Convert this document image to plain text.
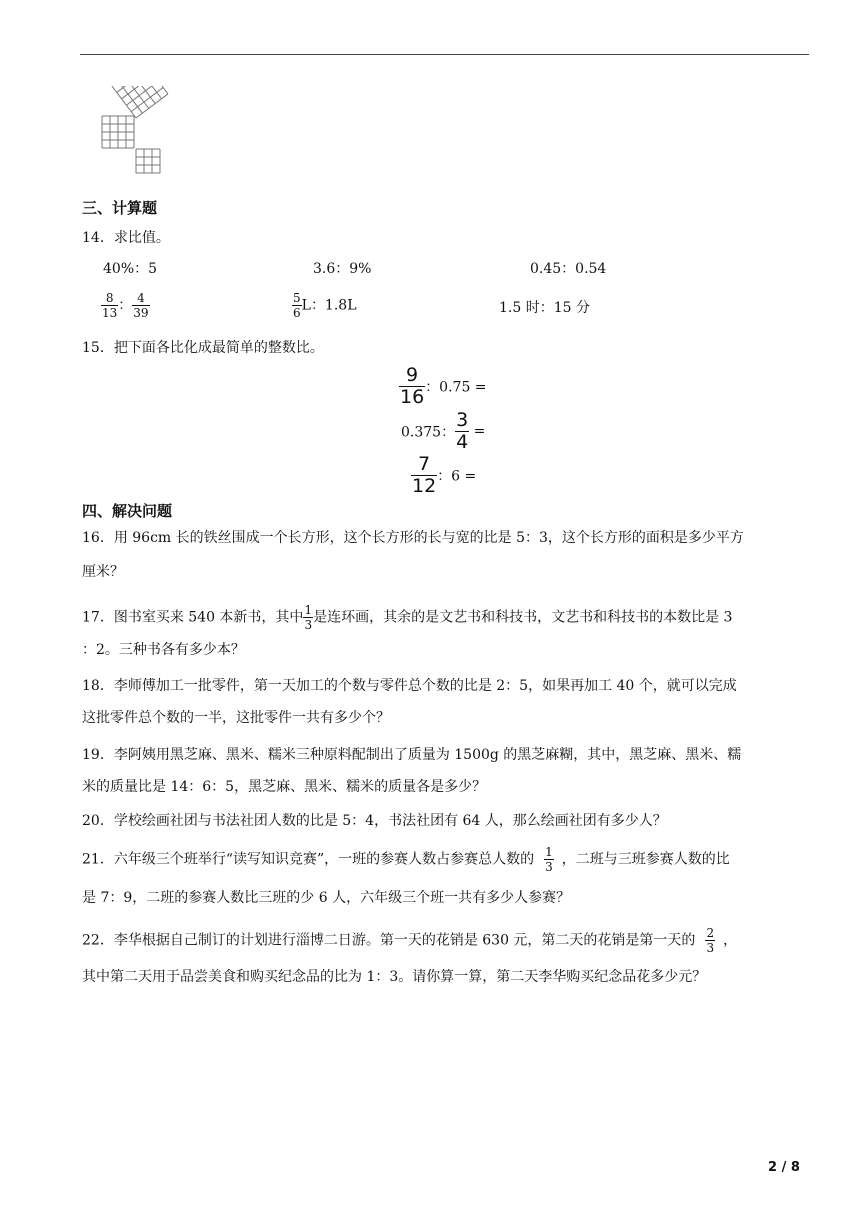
三、计算题
14．求比值。
40%：5	3.6：9%	0.45：0.54
$\frac{8}{13}$ ： $\frac{4}{39}$	$\frac{5}{6}$ L：1.8L	1.5 时：15 分
15．把下面各比化成最简单的整数比。
$\frac{9}{16}$ ：0.75 =
0.375： $\frac{3}{4}$ =
$\frac{7}{12}$ ：6 =
四、解决问题
16．用 96cm 长的铁丝围成一个长方形，这个长方形的长与宽的比是 5：3，这个长方形的面积是多少平方
厘米？
17．图书室买来 540 本新书，其中 $\frac{1}{3}$ 是连环画，其余的是文艺书和科技书，文艺书和科技书的本数比是 3
：2。三种书各有多少本？
18．李师傅加工一批零件，第一天加工的个数与零件总个数的比是 2：5，如果再加工 40 个，就可以完成
这批零件总个数的一半，这批零件一共有多少个？
19．李阿姨用黑芝麻、黑米、糯米三种原料配制出了质量为 1500g 的黑芝麻糊，其中，黑芝麻、黑米、糯
米的质量比是 14：6：5，黑芝麻、黑米、糯米的质量各是多少？
20．学校绘画社团与书法社团人数的比是 5：4，书法社团有 64 人，那么绘画社团有多少人？
21．六年级三个班举行“读写知识竞赛”，一班的参赛人数占参赛总人数的 $\frac{1}{3}$ ，二班与三班参赛人数的比
是 7：9，二班的参赛人数比三班的少 6 人，六年级三个班一共有多少人参赛？
22．李华根据自己制订的计划进行淄博二日游。第一天的花销是 630 元，第二天的花销是第一天的 $\frac{2}{3}$ ，
其中第二天用于品尝美食和购买纪念品的比为 1：3。请你算一算，第二天李华购买纪念品花多少元？
2 / 8
